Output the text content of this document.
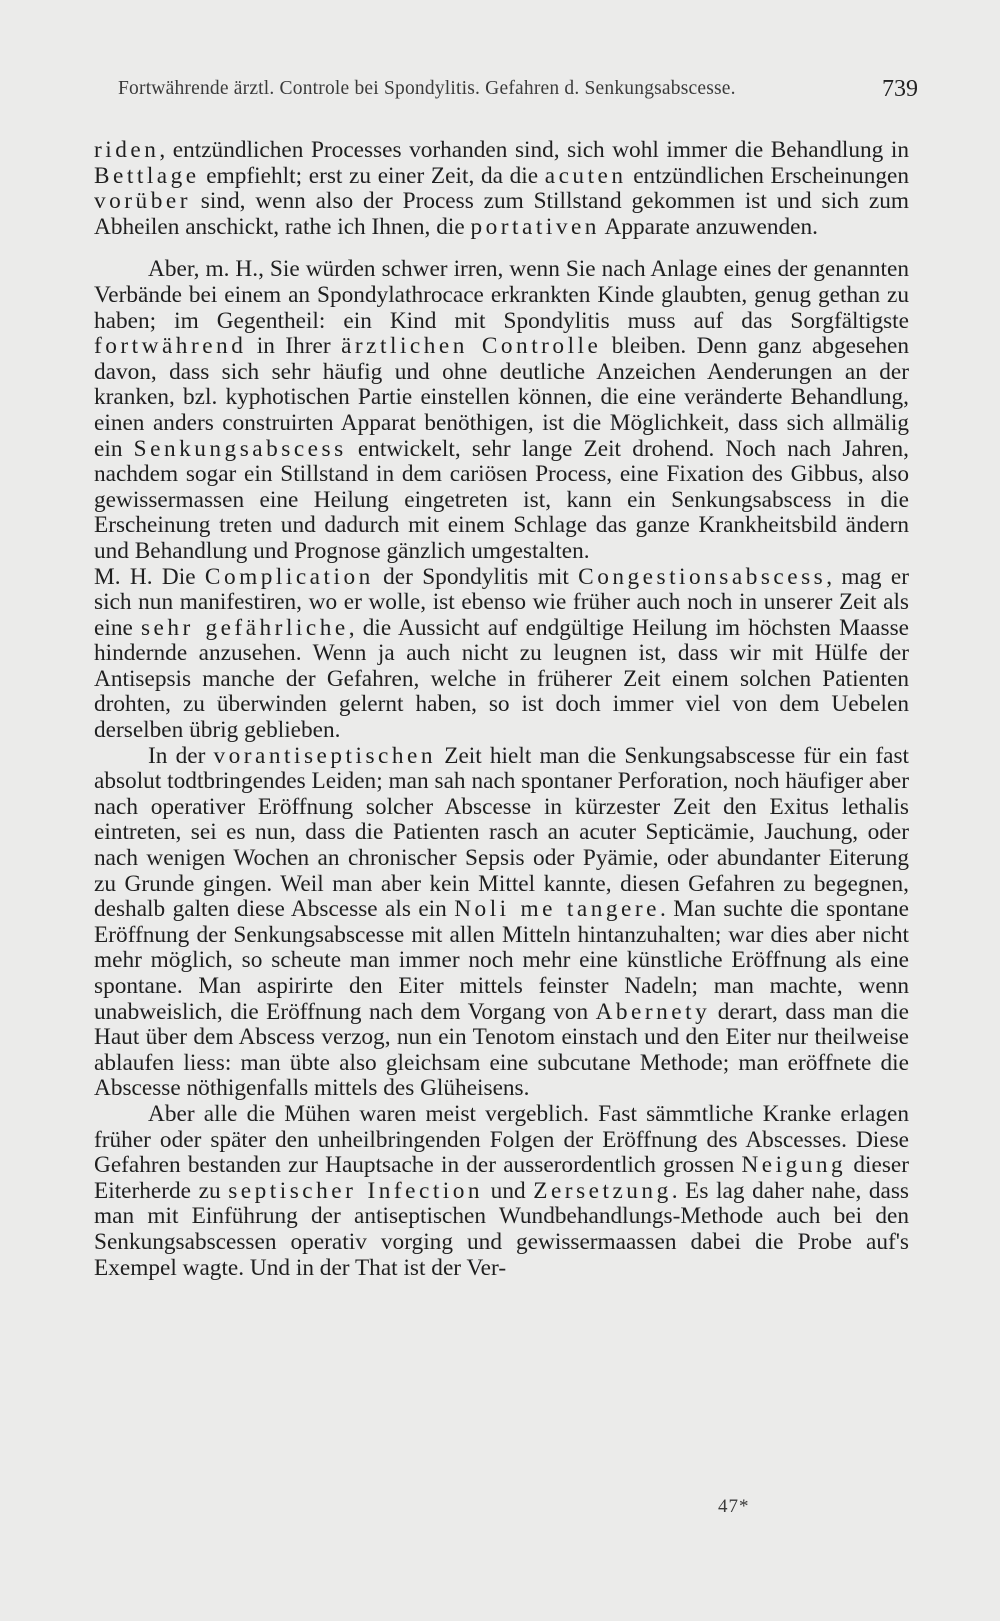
Fortwährende ärztl. Controle bei Spondylitis. Gefahren d. Senkungsabscesse.	739

riden, entzündlichen Processes vorhanden sind, sich wohl immer die Behandlung in Bettlage empfiehlt; erst zu einer Zeit, da die acuten entzündlichen Erscheinungen vorüber sind, wenn also der Process zum Stillstand gekommen ist und sich zum Abheilen anschickt, rathe ich Ihnen, die portativen Apparate anzuwenden.

Aber, m. H., Sie würden schwer irren, wenn Sie nach Anlage eines der genannten Verbände bei einem an Spondylathrocace erkrankten Kinde glaubten, genug gethan zu haben; im Gegentheil: ein Kind mit Spondylitis muss auf das Sorgfältigste fortwährend in Ihrer ärztlichen Controlle bleiben. Denn ganz abgesehen davon, dass sich sehr häufig und ohne deutliche Anzeichen Aenderungen an der kranken, bzl. kyphotischen Partie einstellen können, die eine veränderte Behandlung, einen anders construirten Apparat benöthigen, ist die Möglichkeit, dass sich allmälig ein Senkungsabscess entwickelt, sehr lange Zeit drohend. Noch nach Jahren, nachdem sogar ein Stillstand in dem cariösen Process, eine Fixation des Gibbus, also gewissermassen eine Heilung eingetreten ist, kann ein Senkungsabscess in die Erscheinung treten und dadurch mit einem Schlage das ganze Krankheitsbild ändern und Behandlung und Prognose gänzlich umgestalten.

M. H. Die Complication der Spondylitis mit Congestionsabscess, mag er sich nun manifestiren, wo er wolle, ist ebenso wie früher auch noch in unserer Zeit als eine sehr gefährliche, die Aussicht auf endgültige Heilung im höchsten Maasse hindernde anzusehen. Wenn ja auch nicht zu leugnen ist, dass wir mit Hülfe der Antisepsis manche der Gefahren, welche in früherer Zeit einem solchen Patienten drohten, zu überwinden gelernt haben, so ist doch immer viel von dem Uebelen derselben übrig geblieben.

In der vorantiseptischen Zeit hielt man die Senkungsabscesse für ein fast absolut todtbringendes Leiden; man sah nach spontaner Perforation, noch häufiger aber nach operativer Eröffnung solcher Abscesse in kürzester Zeit den Exitus lethalis eintreten, sei es nun, dass die Patienten rasch an acuter Septicämie, Jauchung, oder nach wenigen Wochen an chronischer Sepsis oder Pyämie, oder abundanter Eiterung zu Grunde gingen. Weil man aber kein Mittel kannte, diesen Gefahren zu begegnen, deshalb galten diese Abscesse als ein Noli me tangere. Man suchte die spontane Eröffnung der Senkungsabscesse mit allen Mitteln hintanzuhalten; war dies aber nicht mehr möglich, so scheute man immer noch mehr eine künstliche Eröffnung als eine spontane. Man aspirirte den Eiter mittels feinster Nadeln; man machte, wenn unabweislich, die Eröffnung nach dem Vorgang von Abernety derart, dass man die Haut über dem Abscess verzog, nun ein Tenotom einstach und den Eiter nur theilweise ablaufen liess: man übte also gleichsam eine subcutane Methode; man eröffnete die Abscesse nöthigenfalls mittels des Glüheisens.

Aber alle die Mühen waren meist vergeblich. Fast sämmtliche Kranke erlagen früher oder später den unheilbringenden Folgen der Eröffnung des Abscesses. Diese Gefahren bestanden zur Hauptsache in der ausserordentlich grossen Neigung dieser Eiterherde zu septischer Infection und Zersetzung. Es lag daher nahe, dass man mit Einführung der antiseptischen Wundbehandlungs-Methode auch bei den Senkungsabscessen operativ vorging und gewissermaassen dabei die Probe auf's Exempel wagte. Und in der That ist der Ver-

47*
